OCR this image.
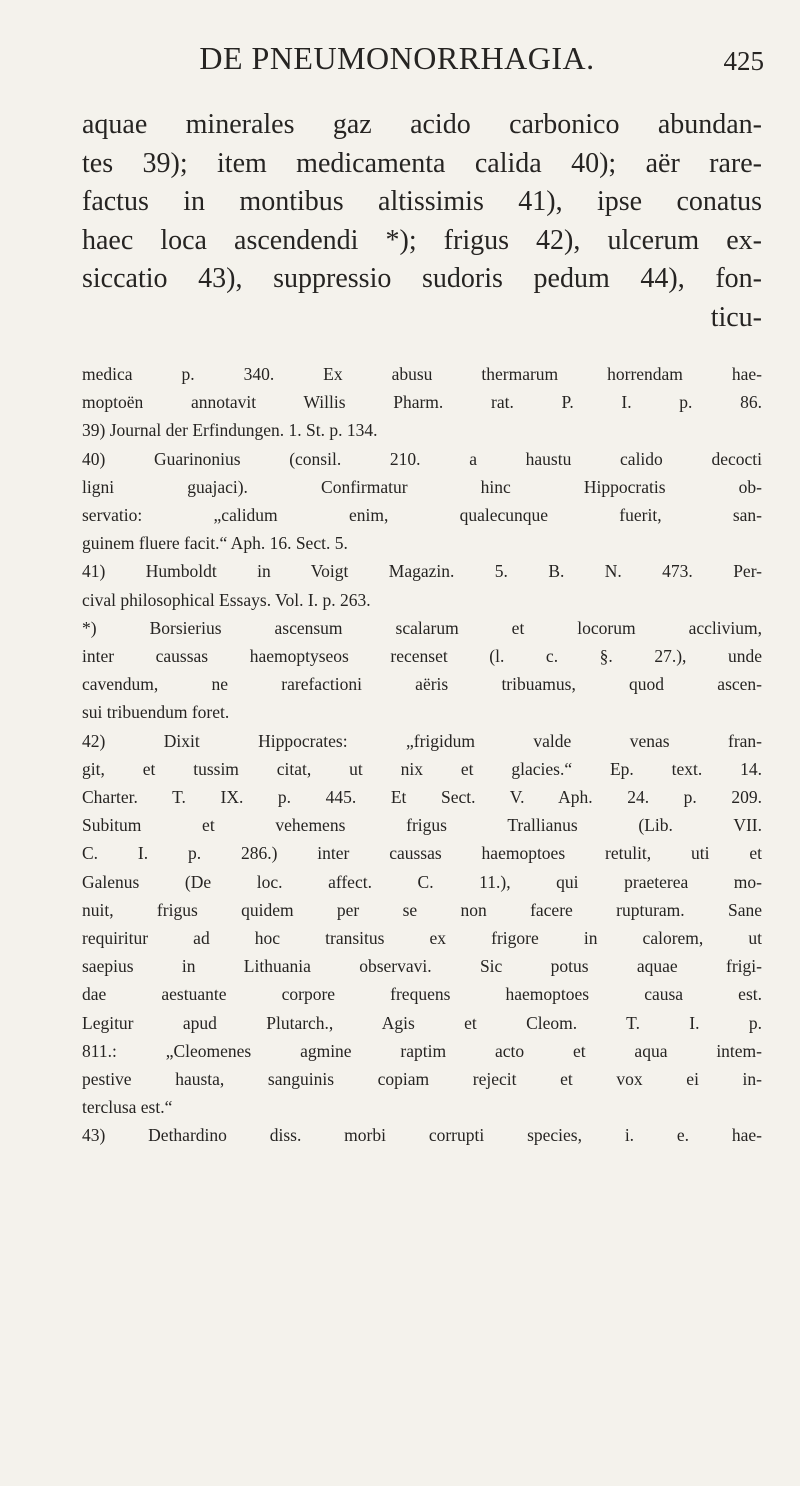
DE PNEUMONORRHAGIA.	425
aquae minerales gaz acido carbonico abundan-
tes 39); item medicamenta calida 40); aër rare-
factus in montibus altissimis 41), ipse conatus
haec loca ascendendi *); frigus 42), ulcerum ex-
siccatio 43), suppressio sudoris pedum 44), fon-
ticu-
medica p. 340. Ex abusu thermarum horrendam hae-
moptoën annotavit Willis Pharm. rat. P. I. p. 86.
39) Journal der Erfindungen. 1. St. p. 134.
40) Guarinonius (consil. 210. a haustu calido decocti
ligni guajaci). Confirmatur hinc Hippocratis ob-
servatio: „calidum enim, qualecunque fuerit, san-
guinem fluere facit.“ Aph. 16. Sect. 5.
41) Humboldt in Voigt Magazin. 5. B. N. 473. Per-
cival philosophical Essays. Vol. I. p. 263.
*) Borsierius ascensum scalarum et locorum acclivium,
inter caussas haemoptyseos recenset (l. c. §. 27.), unde
cavendum, ne rarefactioni aëris tribuamus, quod ascen-
sui tribuendum foret.
42) Dixit Hippocrates: „frigidum valde venas fran-
git, et tussim citat, ut nix et glacies.“ Ep. text. 14.
Charter. T. IX. p. 445. Et Sect. V. Aph. 24. p. 209.
Subitum et vehemens frigus Trallianus (Lib. VII.
C. I. p. 286.) inter caussas haemoptoes retulit, uti et
Galenus (De loc. affect. C. 11.), qui praeterea mo-
nuit, frigus quidem per se non facere rupturam. Sane
requiritur ad hoc transitus ex frigore in calorem, ut
saepius in Lithuania observavi. Sic potus aquae frigi-
dae aestuante corpore frequens haemoptoes causa est.
Legitur apud Plutarch., Agis et Cleom. T. I. p.
811.: „Cleomenes agmine raptim acto et aqua intem-
pestive hausta, sanguinis copiam rejecit et vox ei in-
terclusa est.“
43) Dethardino diss. morbi corrupti species, i. e. hae-
